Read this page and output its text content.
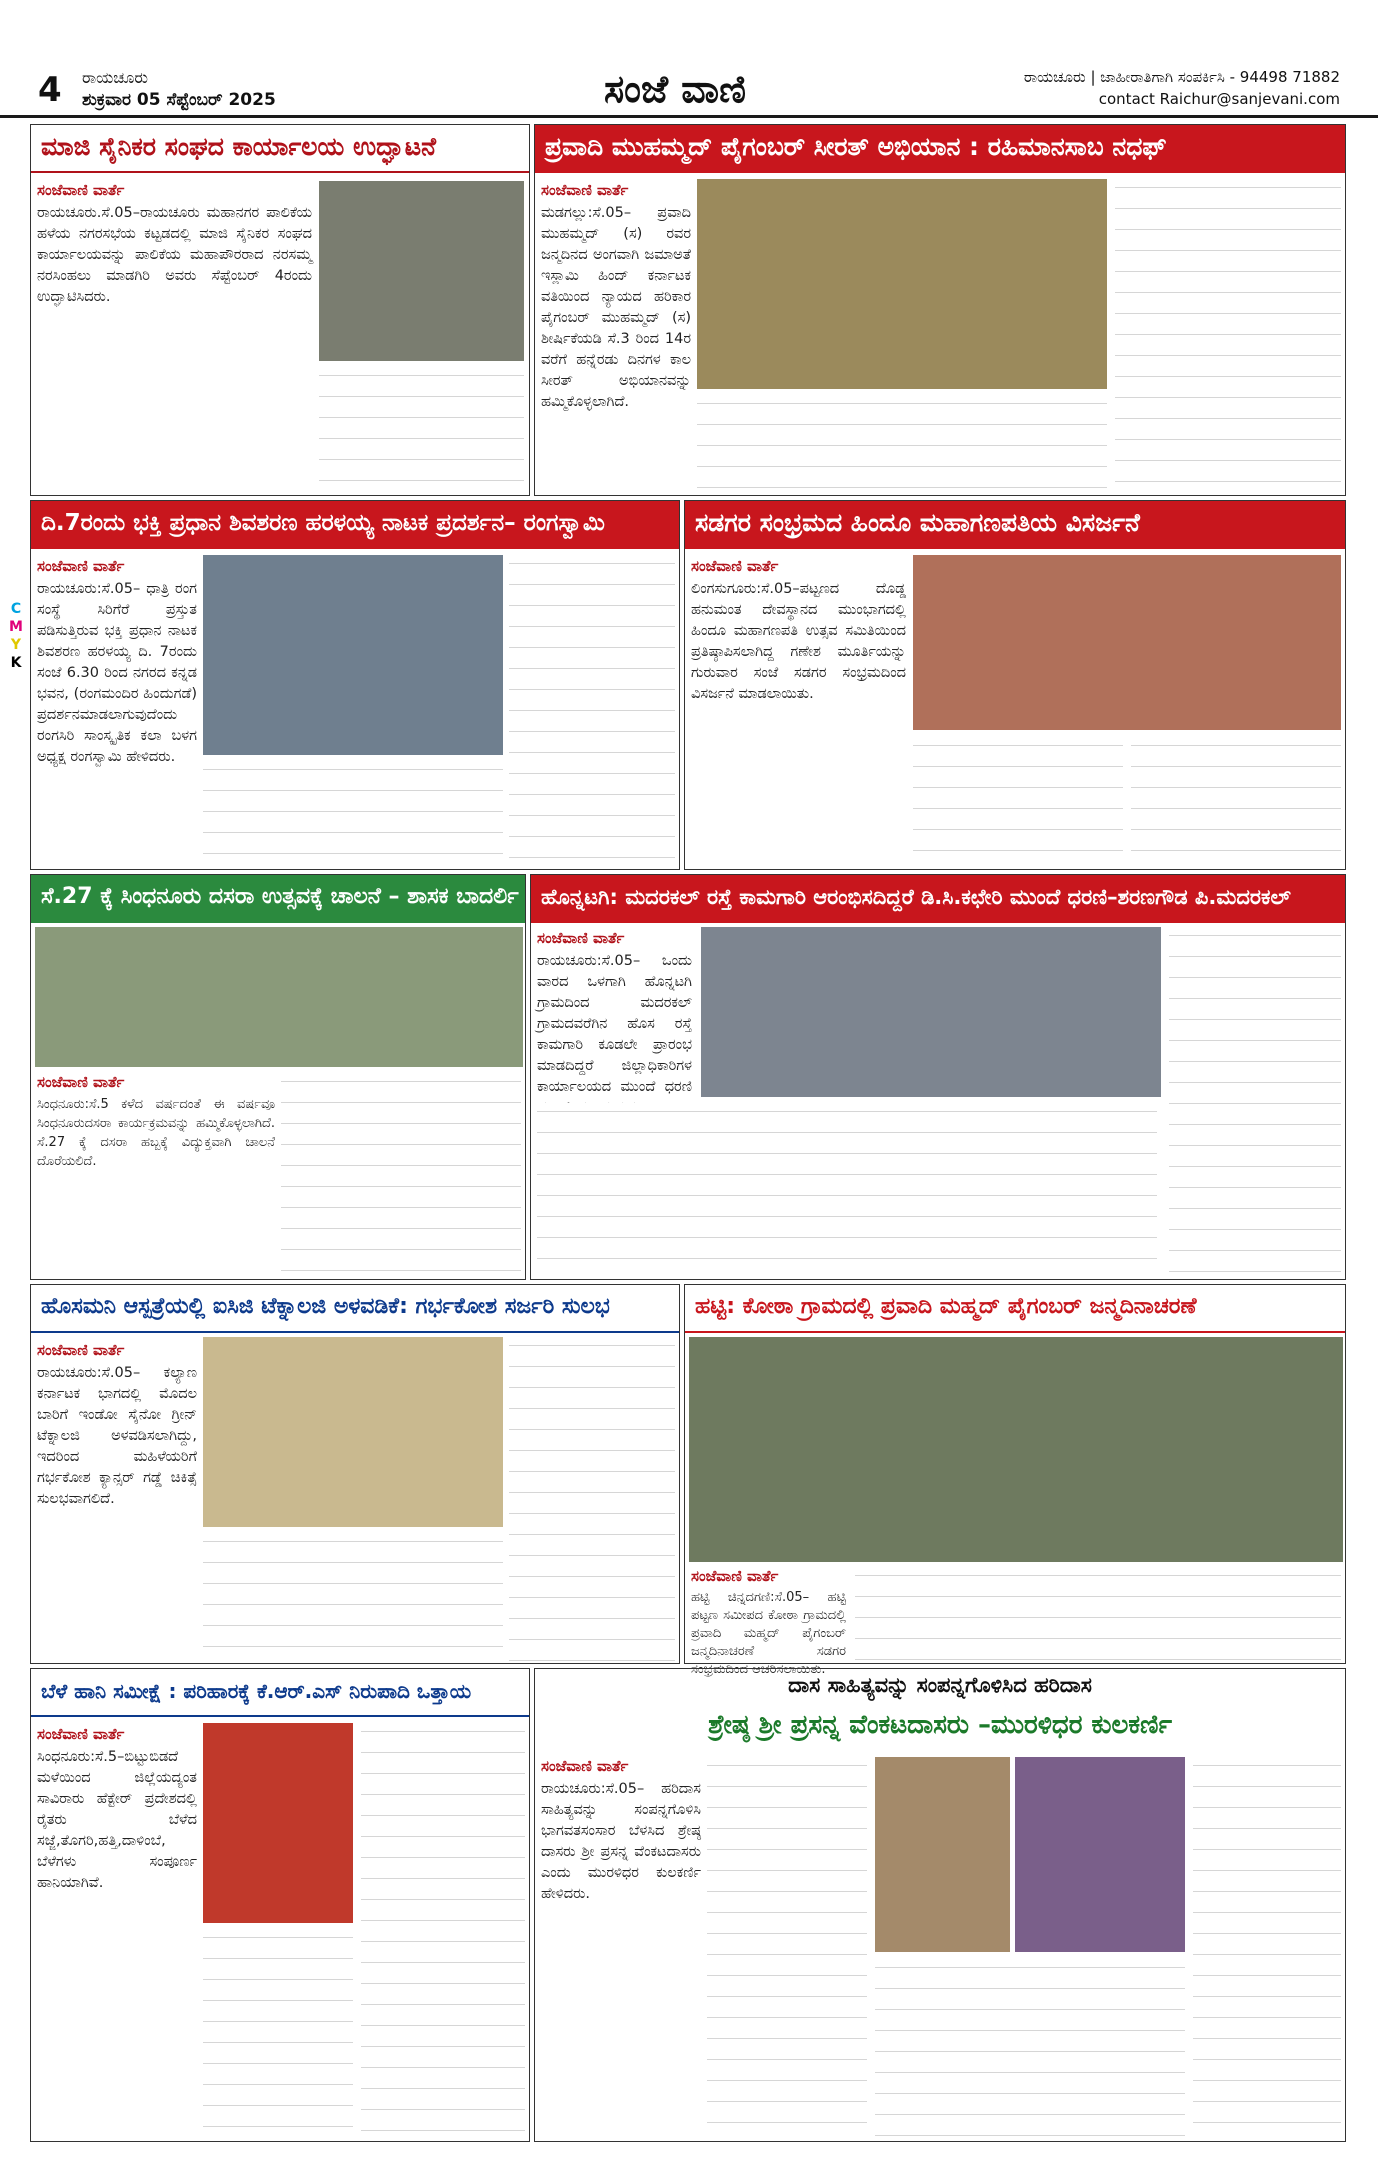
4 ರಾಯಚೂರು
ಶುಕ್ರವಾರ 05 ಸೆಪ್ಟೆಂಬರ್ 2025	ಸಂಜೆ ವಾಣಿ	ರಾಯಚೂರು | ಜಾಹೀರಾತಿಗಾಗಿ ಸಂಪರ್ಕಿಸಿ - 94498 71882
contact Raichur@sanjevani.com
C
M
Y
K
ಮಾಜಿ ಸೈನಿಕರ ಸಂಘದ ಕಾರ್ಯಾಲಯ ಉದ್ಘಾಟನೆ
ಸಂಜೆವಾಣಿ ವಾರ್ತೆ
ರಾಯಚೂರು.ಸೆ.05–ರಾಯಚೂರು ಮಹಾನಗರ ಪಾಲಿಕೆಯ ಹಳೆಯ ನಗರಸಭೆಯ ಕಟ್ಟಡದಲ್ಲಿ ಮಾಜಿ ಸೈನಿಕರ ಸಂಘದ ಕಾರ್ಯಾಲಯವನ್ನು ಪಾಲಿಕೆಯ ಮಹಾಪೌರರಾದ ನರಸಮ್ಮ ನರಸಿಂಹಲು ಮಾಡಗಿರಿ ಅವರು ಸೆಪ್ಟೆಂಬರ್ 4ರಂದು ಉದ್ಘಾಟಿಸಿದರು.
ಪ್ರವಾದಿ ಮುಹಮ್ಮದ್ ಪೈಗಂಬರ್ ಸೀರತ್ ಅಭಿಯಾನ : ರಹಿಮಾನಸಾಬ ನಧಫ್
ಸಂಜೆವಾಣಿ ವಾರ್ತೆ
ಮಡಗಲ್ಲು:ಸೆ.05– ಪ್ರವಾದಿ ಮುಹಮ್ಮದ್ (ಸ) ರವರ ಜನ್ಮದಿನದ ಅಂಗವಾಗಿ ಜಮಾಅತೆ ಇಸ್ಲಾಮಿ ಹಿಂದ್ ಕರ್ನಾಟಕ ವತಿಯಿಂದ ನ್ಯಾಯದ ಹರಿಕಾರ ಪೈಗಂಬರ್ ಮುಹಮ್ಮದ್ (ಸ) ಶೀರ್ಷಿಕೆಯಡಿ ಸೆ.3 ರಿಂದ 14ರ ವರೆಗೆ ಹನ್ನೆರಡು ದಿನಗಳ ಕಾಲ ಸೀರತ್ ಅಭಿಯಾನವನ್ನು ಹಮ್ಮಿಕೊಳ್ಳಲಾಗಿದೆ.
ದಿ.7ರಂದು ಭಕ್ತಿ ಪ್ರಧಾನ ಶಿವಶರಣ ಹರಳಯ್ಯ ನಾಟಕ ಪ್ರದರ್ಶನ– ರಂಗಸ್ವಾಮಿ
ಸಂಜೆವಾಣಿ ವಾರ್ತೆ
ರಾಯಚೂರು:ಸೆ.05– ಧಾತ್ರಿ ರಂಗ ಸಂಸ್ಥೆ ಸಿರಿಗೆರೆ ಪ್ರಸ್ತುತ ಪಡಿಸುತ್ತಿರುವ ಭಕ್ತಿ ಪ್ರಧಾನ ನಾಟಕ ಶಿವಶರಣ ಹರಳಯ್ಯ ದಿ. 7ರಂದು ಸಂಜೆ 6.30 ರಿಂದ ನಗರದ ಕನ್ನಡ ಭವನ, (ರಂಗಮಂದಿರ ಹಿಂದುಗಡೆ) ಪ್ರದರ್ಶನಮಾಡಲಾಗುವುದೆಂದು ರಂಗಸಿರಿ ಸಾಂಸ್ಕೃತಿಕ ಕಲಾ ಬಳಗ ಅಧ್ಯಕ್ಷ ರಂಗಸ್ವಾಮಿ ಹೇಳಿದರು.
ಸಡಗರ ಸಂಭ್ರಮದ ಹಿಂದೂ ಮಹಾಗಣಪತಿಯ ವಿಸರ್ಜನೆ
ಸಂಜೆವಾಣಿ ವಾರ್ತೆ
ಲಿಂಗಸುಗೂರು:ಸೆ.05–ಪಟ್ಟಣದ ದೊಡ್ಡ ಹನುಮಂತ ದೇವಸ್ಥಾನದ ಮುಂಭಾಗದಲ್ಲಿ ಹಿಂದೂ ಮಹಾಗಣಪತಿ ಉತ್ಸವ ಸಮಿತಿಯಿಂದ ಪ್ರತಿಷ್ಠಾಪಿಸಲಾಗಿದ್ದ ಗಣೇಶ ಮೂರ್ತಿಯನ್ನು ಗುರುವಾರ ಸಂಜೆ ಸಡಗರ ಸಂಭ್ರಮದಿಂದ ವಿಸರ್ಜನೆ ಮಾಡಲಾಯಿತು.
ಸೆ.27 ಕ್ಕೆ ಸಿಂಧನೂರು ದಸರಾ ಉತ್ಸವಕ್ಕೆ ಚಾಲನೆ – ಶಾಸಕ ಬಾದರ್ಲಿ
ಸಂಜೆವಾಣಿ ವಾರ್ತೆ
ಸಿಂಧನೂರು:ಸೆ.5 ಕಳೆದ ವರ್ಷದಂತೆ ಈ ವರ್ಷವೂ ಸಿಂಧನೂರುದಸರಾ ಕಾರ್ಯಕ್ರಮವನ್ನು ಹಮ್ಮಿಕೊಳ್ಳಲಾಗಿದೆ. ಸೆ.27 ಕ್ಕೆ ದಸರಾ ಹಬ್ಬಕ್ಕೆ ವಿದ್ಯುಕ್ತವಾಗಿ ಚಾಲನೆ ದೊರೆಯಲಿದೆ.
ಹೊನ್ನಟಗಿ: ಮದರಕಲ್ ರಸ್ತೆ ಕಾಮಗಾರಿ ಆರಂಭಿಸದಿದ್ದರೆ ಡಿ.ಸಿ.ಕಛೇರಿ ಮುಂದೆ ಧರಣಿ–ಶರಣಗೌಡ ಪಿ.ಮದರಕಲ್
ಸಂಜೆವಾಣಿ ವಾರ್ತೆ
ರಾಯಚೂರು:ಸೆ.05– ಒಂದು ವಾರದ ಒಳಗಾಗಿ ಹೊನ್ನಟಗಿ ಗ್ರಾಮದಿಂದ ಮದರಕಲ್ ಗ್ರಾಮದವರೆಗಿನ ಹೊಸ ರಸ್ತೆ ಕಾಮಗಾರಿ ಕೂಡಲೇ ಪ್ರಾರಂಭ ಮಾಡದಿದ್ದರೆ ಜಿಲ್ಲಾಧಿಕಾರಿಗಳ ಕಾರ್ಯಾಲಯದ ಮುಂದೆ ಧರಣಿ
ಹೊಸಮನಿ ಆಸ್ಪತ್ರೆಯಲ್ಲಿ ಐಸಿಜಿ ಟೆಕ್ನಾಲಜಿ ಅಳವಡಿಕೆ: ಗರ್ಭಕೋಶ ಸರ್ಜರಿ ಸುಲಭ
ಸಂಜೆವಾಣಿ ವಾರ್ತೆ
ರಾಯಚೂರು:ಸೆ.05– ಕಲ್ಯಾಣ ಕರ್ನಾಟಕ ಭಾಗದಲ್ಲಿ ಮೊದಲ ಬಾರಿಗೆ ಇಂಡೋ ಸೈನೋ ಗ್ರೀನ್ ಟೆಕ್ನಾಲಜಿ ಅಳವಡಿಸಲಾಗಿದ್ದು, ಇದರಿಂದ ಮಹಿಳೆಯರಿಗೆ ಗರ್ಭಕೋಶ ಕ್ಯಾನ್ಸರ್ ಗಡ್ಡೆ ಚಿಕಿತ್ಸೆ ಸುಲಭವಾಗಲಿದೆ.
ಹಟ್ಟಿ: ಕೋಠಾ ಗ್ರಾಮದಲ್ಲಿ ಪ್ರವಾದಿ ಮಹ್ಮದ್ ಪೈಗಂಬರ್ ಜನ್ಮದಿನಾಚರಣೆ
ಸಂಜೆವಾಣಿ ವಾರ್ತೆ
ಹಟ್ಟಿ ಚಿನ್ನದಗಣಿ:ಸೆ.05– ಹಟ್ಟಿ ಪಟ್ಟಣ ಸಮೀಪದ ಕೋಠಾ ಗ್ರಾಮದಲ್ಲಿ ಪ್ರವಾದಿ ಮಹ್ಮದ್ ಪೈಗಂಬರ್ ಜನ್ಮದಿನಾಚರಣೆ ಸಡಗರ ಸಂಭ್ರಮದಿಂದ ಆಚರಿಸಲಾಯಿತು.
ಬೆಳೆ ಹಾನಿ ಸಮೀಕ್ಷೆ : ಪರಿಹಾರಕ್ಕೆ ಕೆ.ಆರ್.ಎಸ್ ನಿರುಪಾದಿ ಒತ್ತಾಯ
ಸಂಜೆವಾಣಿ ವಾರ್ತೆ
ಸಿಂಧನೂರು:ಸೆ.5–ಬಿಟ್ಟುಬಿಡದೆ ಮಳೆಯಿಂದ ಜಿಲ್ಲೆಯದ್ಯಂತ ಸಾವಿರಾರು ಹೆಕ್ಟೇರ್ ಪ್ರದೇಶದಲ್ಲಿ ರೈತರು ಬೆಳೆದ ಸಜ್ಜೆ,ತೊಗರಿ,ಹತ್ತಿ,ದಾಳಿಂಬೆ, ಬೆಳೆಗಳು ಸಂಪೂರ್ಣ ಹಾನಿಯಾಗಿವೆ.
ದಾಸ ಸಾಹಿತ್ಯವನ್ನು ಸಂಪನ್ನಗೊಳಿಸಿದ ಹರಿದಾಸ
ಶ್ರೇಷ್ಠ ಶ್ರೀ ಪ್ರಸನ್ನ ವೆಂಕಟದಾಸರು –ಮುರಳಿಧರ ಕುಲಕರ್ಣಿ
ಸಂಜೆವಾಣಿ ವಾರ್ತೆ
ರಾಯಚೂರು:ಸೆ.05– ಹರಿದಾಸ ಸಾಹಿತ್ಯವನ್ನು ಸಂಪನ್ನಗೊಳಿಸಿ ಭಾಗವತಸಂಸಾರ ಬೆಳಸಿದ ಶ್ರೇಷ್ಠ ದಾಸರು ಶ್ರೀ ಪ್ರಸನ್ನ ವೆಂಕಟದಾಸರು ಎಂದು ಮುರಳಿಧರ ಕುಲಕರ್ಣಿ ಹೇಳಿದರು.
